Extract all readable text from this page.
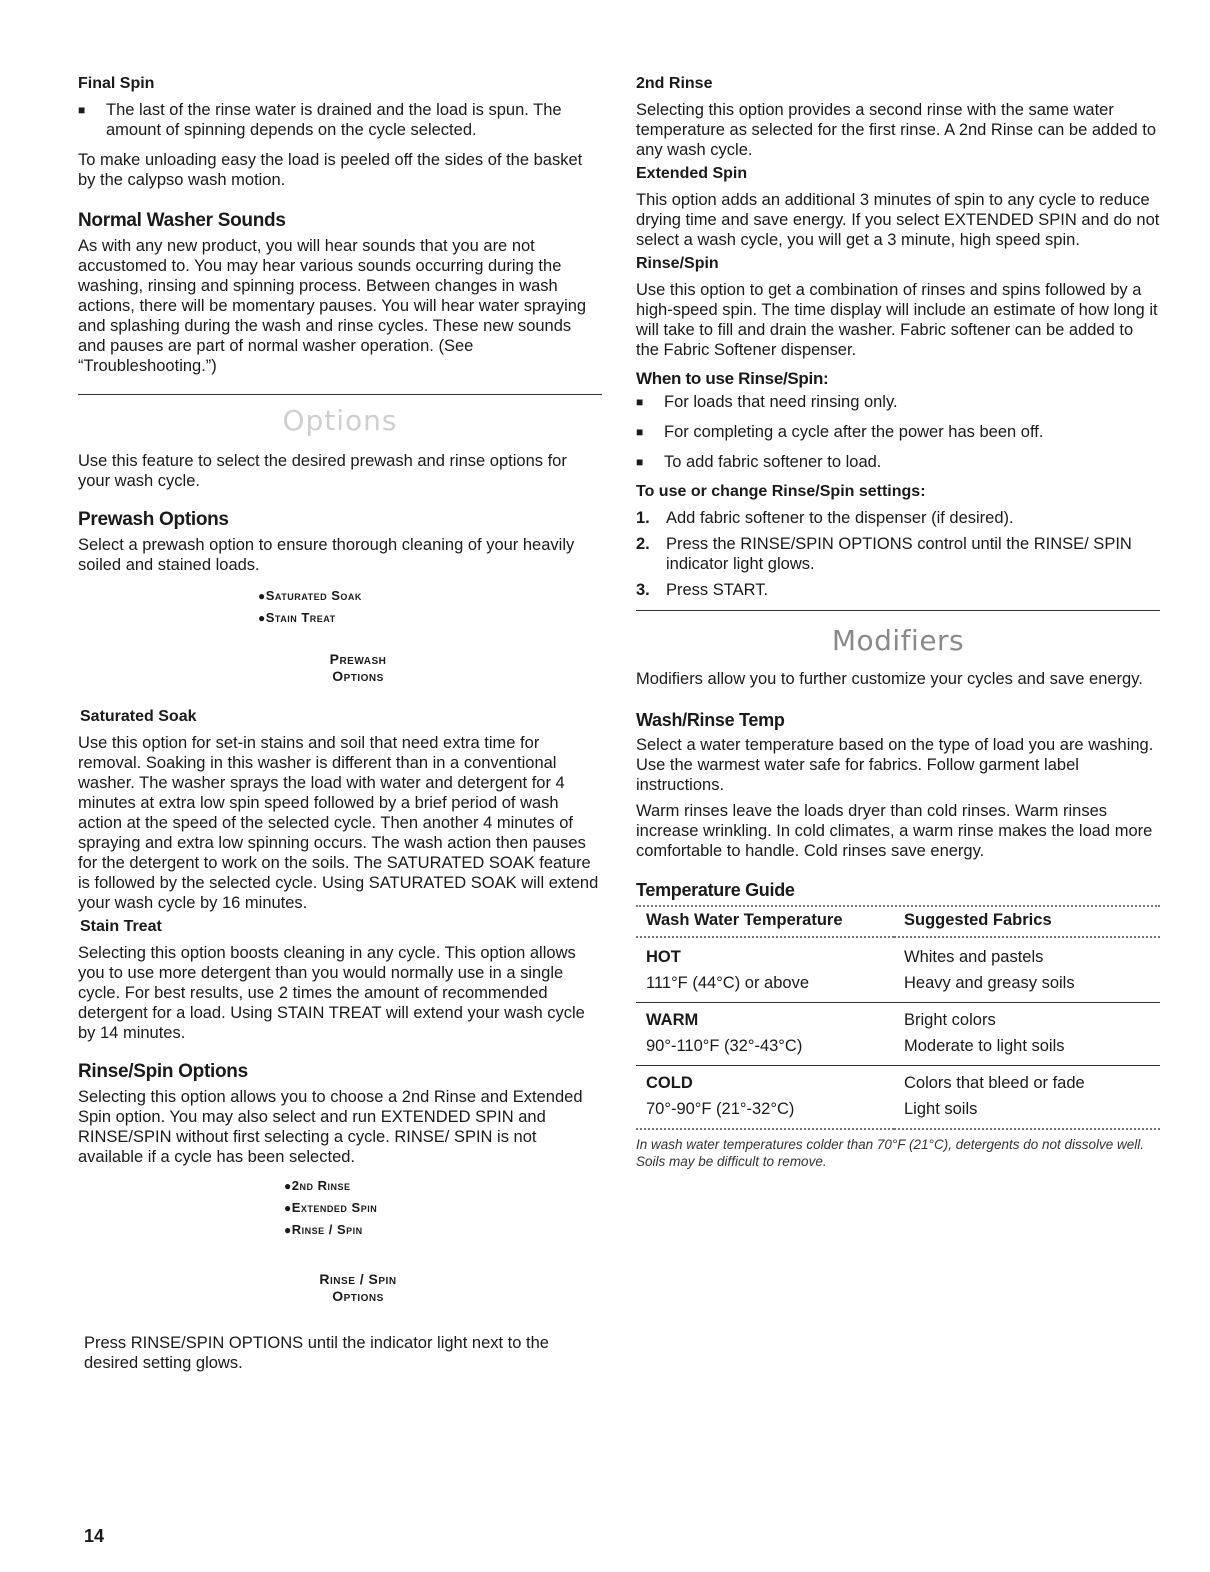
Final Spin
■	The last of the rinse water is drained and the load is spun. The amount of spinning depends on the cycle selected.

To make unloading easy the load is peeled off the sides of the basket by the calypso wash motion.

Normal Washer Sounds

As with any new product, you will hear sounds that you are not accustomed to. You may hear various sounds occurring during the washing, rinsing and spinning process. Between changes in wash actions, there will be momentary pauses. You will hear water spraying and splashing during the wash and rinse cycles. These new sounds and pauses are part of normal washer operation. (See “Troubleshooting.”)

Options

Use this feature to select the desired prewash and rinse options for your wash cycle.

Prewash Options

Select a prewash option to ensure thorough cleaning of your heavily soiled and stained loads.

●Saturated Soak
●Stain Treat
Prewash
Options
Saturated Soak

Use this option for set-in stains and soil that need extra time for removal. Soaking in this washer is different than in a conventional washer. The washer sprays the load with water and detergent for 4 minutes at extra low spin speed followed by a brief period of wash action at the speed of the selected cycle. Then another 4 minutes of spraying and extra low spinning occurs. The wash action then pauses for the detergent to work on the soils. The SATURATED SOAK feature is followed by the selected cycle. Using SATURATED SOAK will extend your wash cycle by 16 minutes.

Stain Treat

Selecting this option boosts cleaning in any cycle. This option allows you to use more detergent than you would normally use in a single cycle. For best results, use 2 times the amount of recommended detergent for a load. Using STAIN TREAT will extend your wash cycle by 14 minutes.

Rinse/Spin Options

Selecting this option allows you to choose a 2nd Rinse and Extended Spin option. You may also select and run EXTENDED SPIN and RINSE/SPIN without first selecting a cycle. RINSE/ SPIN is not available if a cycle has been selected.

●2nd Rinse
●Extended Spin
●Rinse / Spin
Rinse / Spin
Options

Press RINSE/SPIN OPTIONS until the indicator light next to the desired setting glows.

2nd Rinse

Selecting this option provides a second rinse with the same water temperature as selected for the first rinse. A 2nd Rinse can be added to any wash cycle.

Extended Spin

This option adds an additional 3 minutes of spin to any cycle to reduce drying time and save energy. If you select EXTENDED SPIN and do not select a wash cycle, you will get a 3 minute, high speed spin.

Rinse/Spin

Use this option to get a combination of rinses and spins followed by a high-speed spin. The time display will include an estimate of how long it will take to fill and drain the washer. Fabric softener can be added to the Fabric Softener dispenser.

When to use Rinse/Spin:
■	For loads that need rinsing only.
■	For completing a cycle after the power has been off.
■	To add fabric softener to load.
To use or change Rinse/Spin settings:
1. Add fabric softener to the dispenser (if desired).
2. Press the RINSE/SPIN OPTIONS control until the RINSE/ SPIN indicator light glows.
3. Press START.
Modifiers

Modifiers allow you to further customize your cycles and save energy.

Wash/Rinse Temp

Select a water temperature based on the type of load you are washing. Use the warmest water safe for fabrics. Follow garment label instructions.

Warm rinses leave the loads dryer than cold rinses. Warm rinses increase wrinkling. In cold climates, a warm rinse makes the load more comfortable to handle. Cold rinses save energy.

Temperature Guide
Wash Water Temperature	Suggested Fabrics
HOT	Whites and pastels
111°F (44°C) or above	Heavy and greasy soils
WARM	Bright colors
90°-110°F (32°-43°C)	Moderate to light soils
COLD	Colors that bleed or fade
70°-90°F (21°-32°C)	Light soils

In wash water temperatures colder than 70°F (21°C), detergents do not dissolve well. Soils may be difficult to remove.

14
